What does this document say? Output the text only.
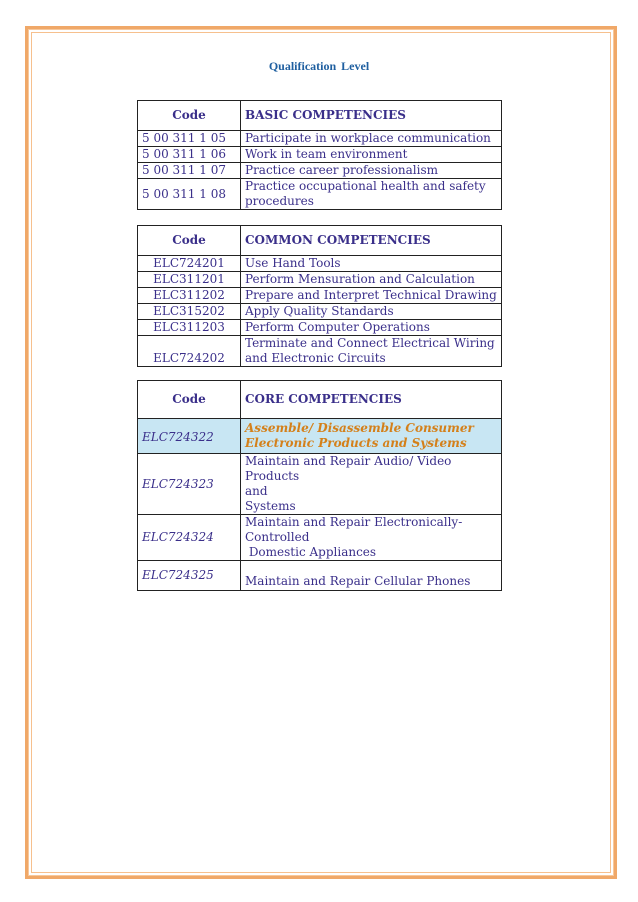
Qualification Level
Code	BASIC COMPETENCIES
5 00 311 1 05	Participate in workplace communication
5 00 311 1 06	Work in team environment
5 00 311 1 07	Practice career professionalism
5 00 311 1 08	Practice occupational health and safety procedures
Code	COMMON COMPETENCIES
ELC724201	Use Hand Tools
ELC311201	Perform Mensuration and Calculation
ELC311202	Prepare and Interpret Technical Drawing
ELC315202	Apply Quality Standards
ELC311203	Perform Computer Operations
ELC724202	Terminate and Connect Electrical Wiring and Electronic Circuits
Code	CORE COMPETENCIES
ELC724322	Assemble/ Disassemble Consumer Electronic Products and Systems
ELC724323	Maintain and Repair Audio/ Video Products
and
Systems

ELC724324	Maintain and Repair Electronically-
Controlled
Domestic Appliances

ELC724325	Maintain and Repair Cellular Phones
